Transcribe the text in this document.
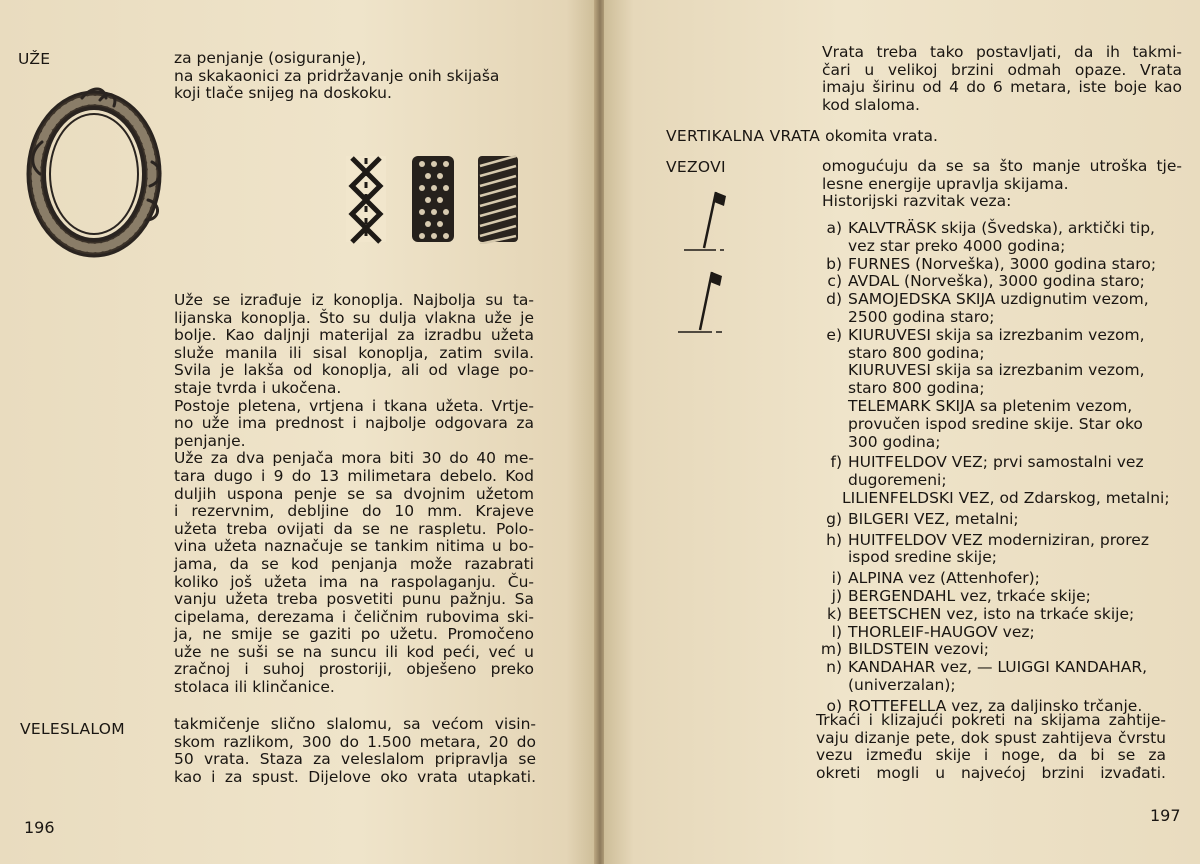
UŽE	za penjanje (osiguranje),
na skakaonici za pridržavanje onih skijaša
koji tlače snijeg na doskoku.
Uže se izrađuje iz konoplja. Najbolja su ta-
lijanska konoplja. Što su dulja vlakna uže je
bolje. Kao daljnji materijal za izradbu užeta
služe manila ili sisal konoplja, zatim svila.
Svila je lakša od konoplja, ali od vlage po-
staje tvrda i ukočena.
Postoje pletena, vrtjena i tkana užeta. Vrtje-
no uže ima prednost i najbolje odgovara za
penjanje.
Uže za dva penjača mora biti 30 do 40 me-
tara dugo i 9 do 13 milimetara debelo. Kod
duljih uspona penje se sa dvojnim užetom
i rezervnim, debljine do 10 mm. Krajeve
užeta treba ovijati da se ne raspletu. Polo-
vina užeta naznačuje se tankim nitima u bo-
jama, da se kod penjanja može razabrati
koliko još užeta ima na raspolaganju. Ču-
vanju užeta treba posvetiti punu pažnju. Sa
cipelama, derezama i čeličnim rubovima ski-
ja, ne smije se gaziti po užetu. Promočeno
uže ne suši se na suncu ili kod peći, već u
zračnoj i suhoj prostoriji, obješeno preko
stolaca ili klinčanice.
VELESLALOM	takmičenje slično slalomu, sa većom visin-
skom razlikom, 300 do 1.500 metara, 20 do
50 vrata. Staza za veleslalom pripravlja se
kao i za spust. Dijelove oko vrata utapkati.
196
Vrata treba tako postavljati, da ih takmi-
čari u velikoj brzini odmah opaze. Vrata
imaju širinu od 4 do 6 metara, iste boje kao
kod slaloma.
VERTIKALNA VRATA okomita vrata.
VEZOVI	omogućuju da se sa što manje utroška tje-
lesne energije upravlja skijama.
Historijski razvitak veza:
a) KALVTRÄSK skija (Švedska), arktički tip,
vez star preko 4000 godina;
b) FURNES (Norveška), 3000 godina staro;
c) AVDAL (Norveška), 3000 godina staro;
d) SAMOJEDSKA SKIJA uzdignutim vezom,
2500 godina staro;
e) KIURUVESI skija sa izrezbanim vezom,
staro 800 godina;
KIURUVESI skija sa izrezbanim vezom,
staro 800 godina;
TELEMARK SKIJA sa pletenim vezom,
provučen ispod sredine skije. Star oko
300 godina;
f) HUITFELDOV VEZ; prvi samostalni vez
dugoremeni;
LILIENFELDSKI VEZ, od Zdarskog, metalni;
g) BILGERI VEZ, metalni;
h) HUITFELDOV VEZ moderniziran, prorez
ispod sredine skije;
i) ALPINA vez (Attenhofer);
j) BERGENDAHL vez, trkaće skije;
k) BEETSCHEN vez, isto na trkaće skije;
l) THORLEIF-HAUGOV vez;
m) BILDSTEIN vezovi;
n) KANDAHAR vez, — LUIGGI KANDAHAR,
(univerzalan);
o) ROTTEFELLA vez, za daljinsko trčanje.
Trkaći i klizajući pokreti na skijama zahtije-
vaju dizanje pete, dok spust zahtijeva čvrstu
vezu između skije i noge, da bi se za
okreti mogli u najvećoj brzini izvađati.
197
